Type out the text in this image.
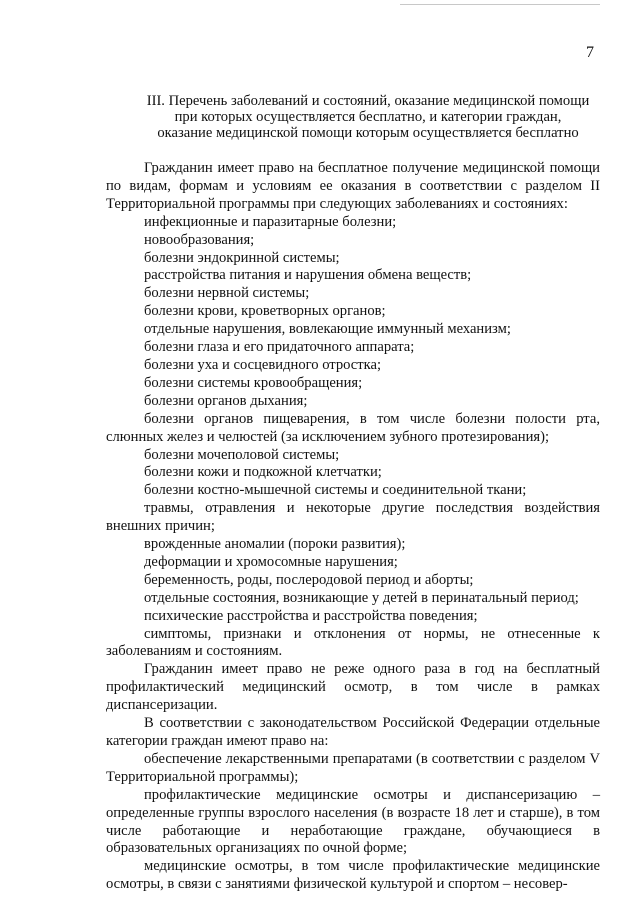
7
III. Перечень заболеваний и состояний, оказание медицинской помощи
при которых осуществляется бесплатно, и категории граждан,
оказание медицинской помощи которым осуществляется бесплатно

Гражданин имеет право на бесплатное получение медицинской помощи по видам, формам и условиям ее оказания в соответствии с разделом II Территориальной программы при следующих заболеваниях и состояниях:

инфекционные и паразитарные болезни;

новообразования;

болезни эндокринной системы;

расстройства питания и нарушения обмена веществ;

болезни нервной системы;

болезни крови, кроветворных органов;

отдельные нарушения, вовлекающие иммунный механизм;

болезни глаза и его придаточного аппарата;

болезни уха и сосцевидного отростка;

болезни системы кровообращения;

болезни органов дыхания;

болезни органов пищеварения, в том числе болезни полости рта, слюнных желез и челюстей (за исключением зубного протезирования);

болезни мочеполовой системы;

болезни кожи и подкожной клетчатки;

болезни костно-мышечной системы и соединительной ткани;

травмы, отравления и некоторые другие последствия воздействия внешних причин;

врожденные аномалии (пороки развития);

деформации и хромосомные нарушения;

беременность, роды, послеродовой период и аборты;

отдельные состояния, возникающие у детей в перинатальный период;

психические расстройства и расстройства поведения;

симптомы, признаки и отклонения от нормы, не отнесенные к заболеваниям и состояниям.

Гражданин имеет право не реже одного раза в год на бесплатный профилактический медицинский осмотр, в том числе в рамках диспансеризации.

В соответствии с законодательством Российской Федерации отдельные категории граждан имеют право на:

обеспечение лекарственными препаратами (в соответствии с разделом V Территориальной программы);

профилактические медицинские осмотры и диспансеризацию – определенные группы взрослого населения (в возрасте 18 лет и старше), в том числе работающие и неработающие граждане, обучающиеся в образовательных организациях по очной форме;

медицинские осмотры, в том числе профилактические медицинские осмотры, в связи с занятиями физической культурой и спортом – несовер-
